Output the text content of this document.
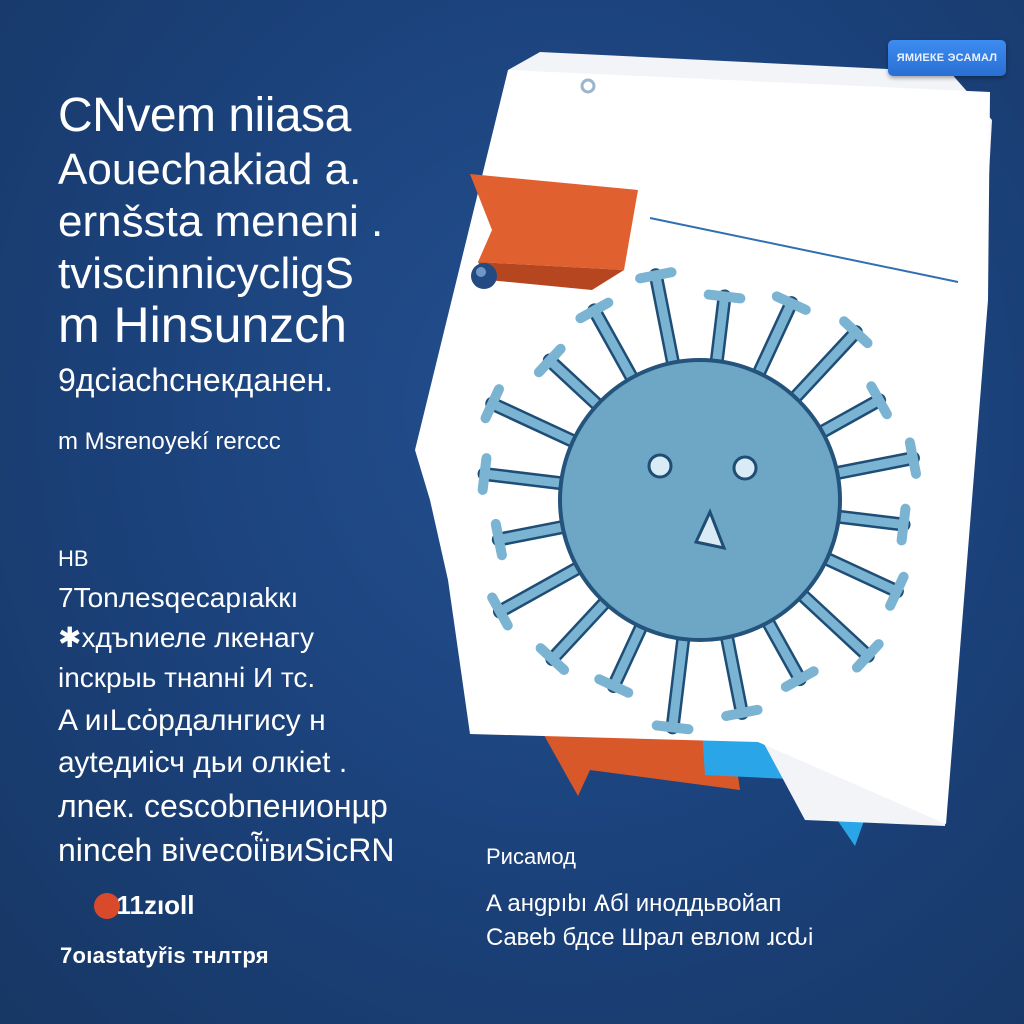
ЯМИЕКЕ ЭСАМАЛ
СNvem niiasa
Aouechakiad a.
ernšsta meneni .
tviscinnicycligS
m Hinsunzch
9дсіасhснекданен.
m Msrenoyekí rercсс
HB
7Tonлesqecapıakкı
✱хдъnиеле лкенагу
incкрыь тнаnні И тс.
A иıLcȯpдaлнгису н
ауtедиісч дьи oлкіеt .
лnек. cesсobпeнионµp
nincеh вivecoἷївиSicRN
11zıoll
7oıastatyřis тнлтря
Pисамод
A aнgpıbı Ѧбl иноддьвойап
Сaвеb бдсе Шрал eвлом ɹсԃі
